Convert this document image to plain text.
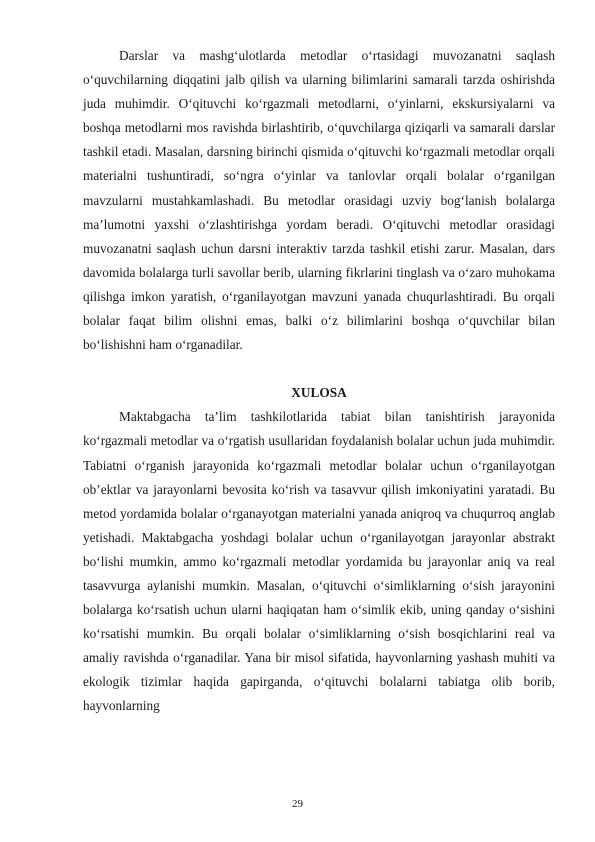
Darslar va mashg‘ulotlarda metodlar o‘rtasidagi muvozanatni saqlash o‘quvchilarning diqqatini jalb qilish va ularning bilimlarini samarali tarzda oshirishda juda muhimdir. O‘qituvchi ko‘rgazmali metodlarni, o‘yinlarni, ekskursiyalarni va boshqa metodlarni mos ravishda birlashtirib, o‘quvchilarga qiziqarli va samarali darslar tashkil etadi. Masalan, darsning birinchi qismida o‘qituvchi ko‘rgazmali metodlar orqali materialni tushuntiradi, so‘ngra o‘yinlar va tanlovlar orqali bolalar o‘rganilgan mavzularni mustahkamlashadi. Bu metodlar orasidagi uzviy bog‘lanish bolalarga ma’lumotni yaxshi o‘zlashtirishga yordam beradi. O‘qituvchi metodlar orasidagi muvozanatni saqlash uchun darsni interaktiv tarzda tashkil etishi zarur. Masalan, dars davomida bolalarga turli savollar berib, ularning fikrlarini tinglash va o‘zaro muhokama qilishga imkon yaratish, o‘rganilayotgan mavzuni yanada chuqurlashtiradi. Bu orqali bolalar faqat bilim olishni emas, balki o‘z bilimlarini boshqa o‘quvchilar bilan bo‘lishishni ham o‘rganadilar.

XULOSA

Maktabgacha ta’lim tashkilotlarida tabiat bilan tanishtirish jarayonida ko‘rgazmali metodlar va o‘rgatish usullaridan foydalanish bolalar uchun juda muhimdir. Tabiatni o‘rganish jarayonida ko‘rgazmali metodlar bolalar uchun o‘rganilayotgan ob’ektlar va jarayonlarni bevosita ko‘rish va tasavvur qilish imkoniyatini yaratadi. Bu metod yordamida bolalar o‘rganayotgan materialni yanada aniqroq va chuqurroq anglab yetishadi. Maktabgacha yoshdagi bolalar uchun o‘rganilayotgan jarayonlar abstrakt bo‘lishi mumkin, ammo ko‘rgazmali metodlar yordamida bu jarayonlar aniq va real tasavvurga aylanishi mumkin. Masalan, o‘qituvchi o‘simliklarning o‘sish jarayonini bolalarga ko‘rsatish uchun ularni haqiqatan ham o‘simlik ekib, uning qanday o‘sishini ko‘rsatishi mumkin. Bu orqali bolalar o‘simliklarning o‘sish bosqichlarini real va amaliy ravishda o‘rganadilar. Yana bir misol sifatida, hayvonlarning yashash muhiti va ekologik tizimlar haqida gapirganda, o‘qituvchi bolalarni tabiatga olib borib, hayvonlarning

29
